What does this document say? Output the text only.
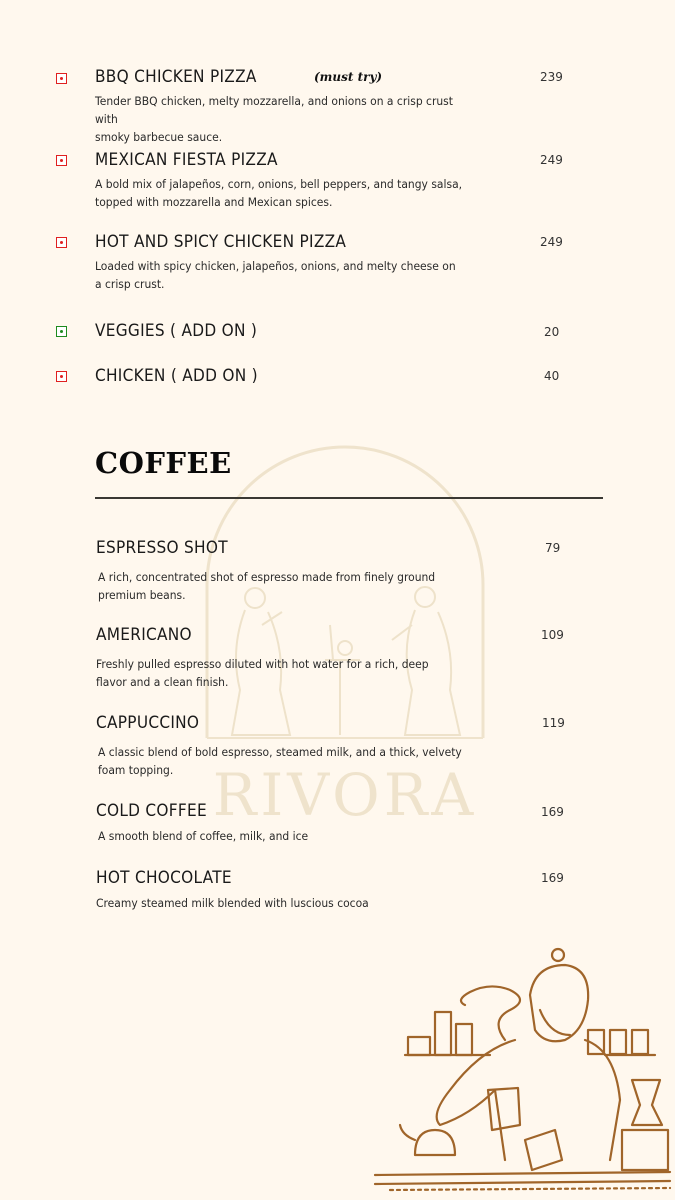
RIVORA
BBQ CHICKEN PIZZA	(must try)	239
Tender BBQ chicken, melty mozzarella, and onions on a crisp crust with
smoky barbecue sauce.
MEXICAN FIESTA PIZZA	249
A bold mix of jalapeños, corn, onions, bell peppers, and tangy salsa,
topped with mozzarella and Mexican spices.
HOT AND SPICY CHICKEN PIZZA	249
Loaded with spicy chicken, jalapeños, onions, and melty cheese on
a crisp crust.
VEGGIES ( ADD ON )	20
CHICKEN ( ADD ON )	40
COFFEE
ESPRESSO SHOT	79
A rich, concentrated shot of espresso made from finely ground
premium beans.
AMERICANO	109
Freshly pulled espresso diluted with hot water for a rich, deep
flavor and a clean finish.
CAPPUCCINO	119
A classic blend of bold espresso, steamed milk, and a thick, velvety
foam topping.
COLD COFFEE	169
A smooth blend of coffee, milk, and ice
HOT CHOCOLATE	169
Creamy steamed milk blended with luscious cocoa
